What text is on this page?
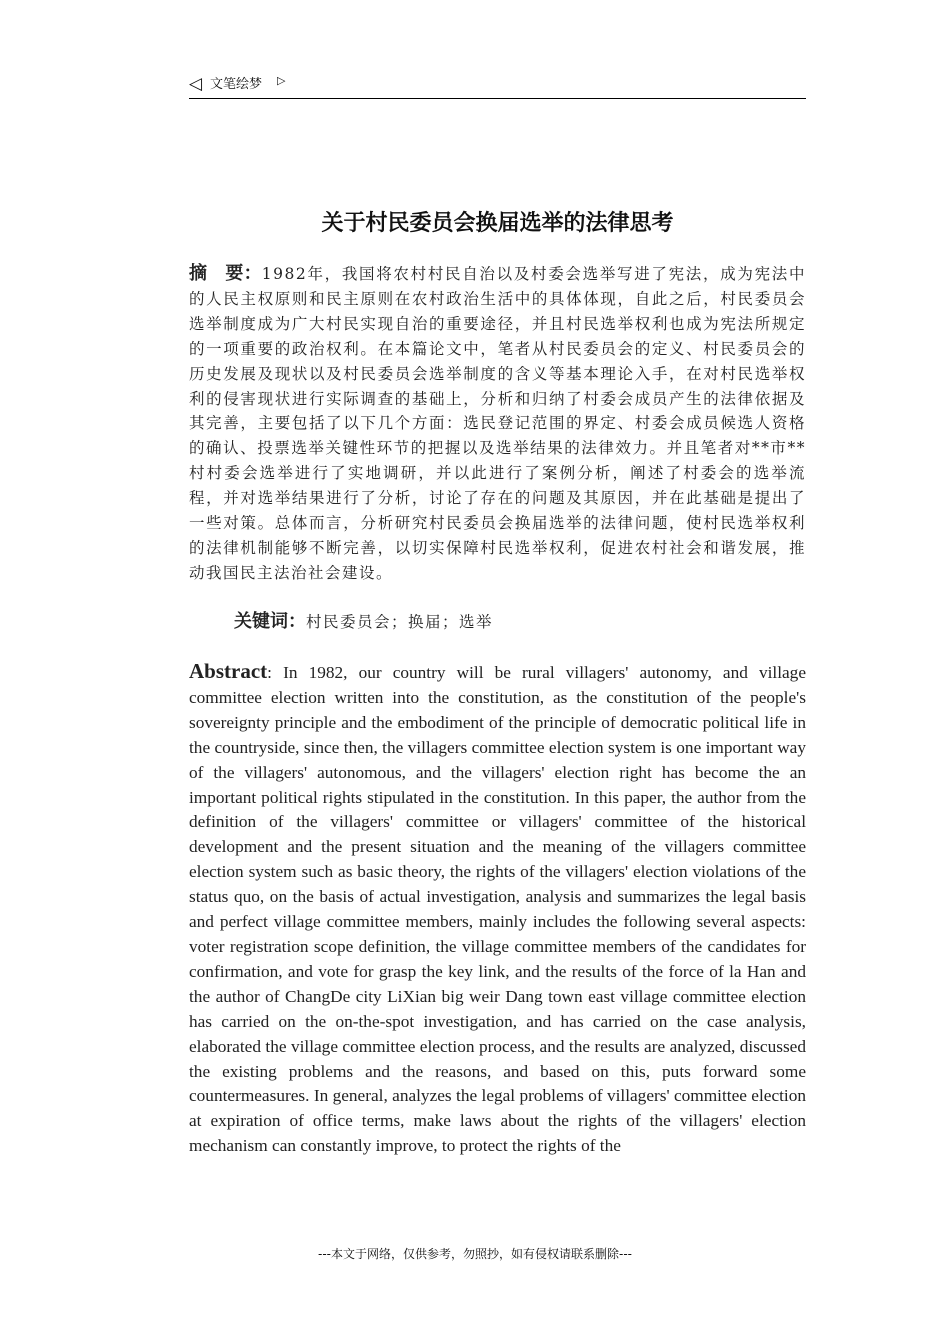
◁ 文笔绘梦 ▷
关于村民委员会换届选举的法律思考
摘　要：1982年，我国将农村村民自治以及村委会选举写进了宪法，成为宪法中的人民主权原则和民主原则在农村政治生活中的具体体现，自此之后，村民委员会选举制度成为广大村民实现自治的重要途径，并且村民选举权利也成为宪法所规定的一项重要的政治权利。在本篇论文中，笔者从村民委员会的定义、村民委员会的历史发展及现状以及村民委员会选举制度的含义等基本理论入手，在对村民选举权利的侵害现状进行实际调查的基础上，分析和归纳了村委会成员产生的法律依据及其完善，主要包括了以下几个方面：选民登记范围的界定、村委会成员候选人资格的确认、投票选举关键性环节的把握以及选举结果的法律效力。并且笔者对**市**村村委会选举进行了实地调研，并以此进行了案例分析，阐述了村委会的选举流程，并对选举结果进行了分析，讨论了存在的问题及其原因，并在此基础是提出了一些对策。总体而言，分析研究村民委员会换届选举的法律问题，使村民选举权利的法律机制能够不断完善，以切实保障村民选举权利，促进农村社会和谐发展，推动我国民主法治社会建设。
关键词：村民委员会；换届；选举
Abstract: In 1982, our country will be rural villagers' autonomy, and village committee election written into the constitution, as the constitution of the people's sovereignty principle and the embodiment of the principle of democratic political life in the countryside, since then, the villagers committee election system is one important way of the villagers' autonomous, and the villagers' election right has become the an important political rights stipulated in the constitution. In this paper, the author from the definition of the villagers' committee or villagers' committee of the historical development and the present situation and the meaning of the villagers committee election system such as basic theory, the rights of the villagers' election violations of the status quo, on the basis of actual investigation, analysis and summarizes the legal basis and perfect village committee members, mainly includes the following several aspects: voter registration scope definition, the village committee members of the candidates for confirmation, and vote for grasp the key link, and the results of the force of la Han and the author of ChangDe city LiXian big weir Dang town east village committee election has carried on the on-the-spot investigation, and has carried on the case analysis, elaborated the village committee election process, and the results are analyzed, discussed the existing problems and the reasons, and based on this, puts forward some countermeasures. In general, analyzes the legal problems of villagers' committee election at expiration of office terms, make laws about the rights of the villagers' election mechanism can constantly improve, to protect the rights of the
---本文于网络，仅供参考，勿照抄，如有侵权请联系删除---
